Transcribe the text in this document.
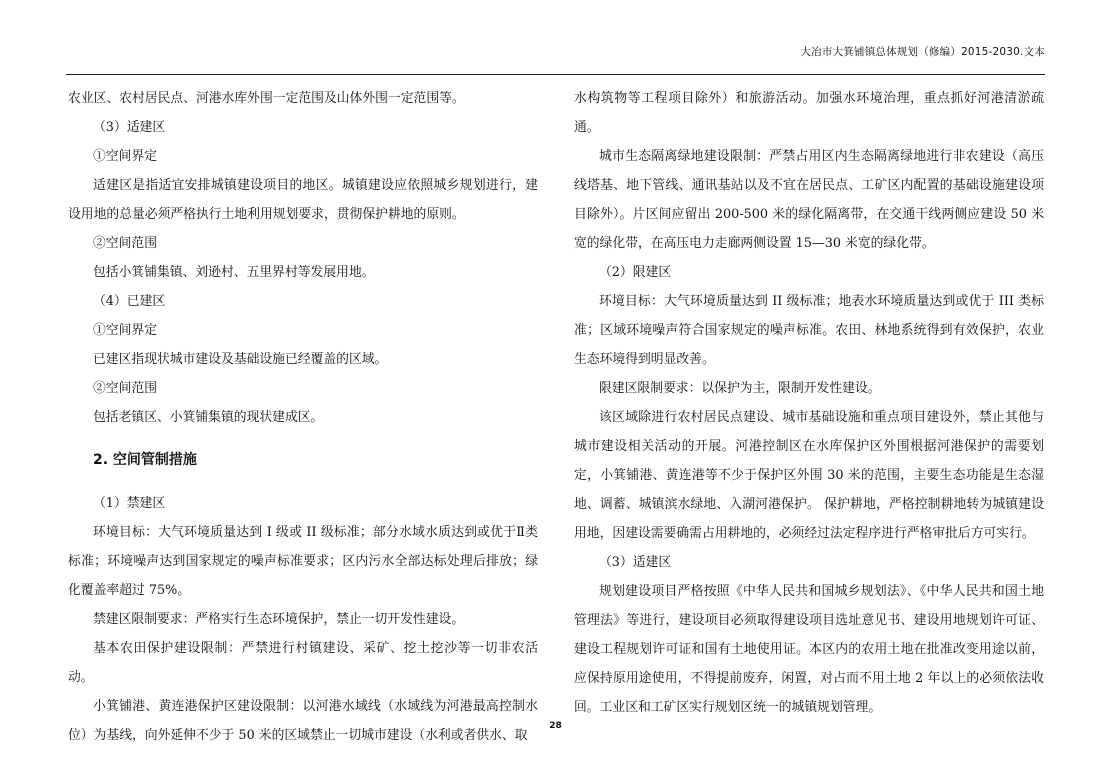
大冶市大箕铺镇总体规划（修编）2015-2030.文本

农业区、农村居民点、河港水库外围一定范围及山体外围一定范围等。

（3）适建区

①空间界定

适建区是指适宜安排城镇建设项目的地区。城镇建设应依照城乡规划进行，建设用地的总量必须严格执行土地利用规划要求，贯彻保护耕地的原则。

②空间范围

包括小箕铺集镇、刘逊村、五里界村等发展用地。

（4）已建区

①空间界定

已建区指现状城市建设及基础设施已经覆盖的区域。

②空间范围

包括老镇区、小箕铺集镇的现状建成区。

2. 空间管制措施

（1）禁建区

环境目标：大气环境质量达到 I 级或 II 级标准；部分水域水质达到或优于Ⅱ类标准；环境噪声达到国家规定的噪声标准要求；区内污水全部达标处理后排放；绿化覆盖率超过 75%。

禁建区限制要求：严格实行生态环境保护，禁止一切开发性建设。

基本农田保护建设限制：严禁进行村镇建设、采矿、挖土挖沙等一切非农活动。

小箕铺港、黄连港保护区建设限制：以河港水域线（水域线为河港最高控制水位）为基线，向外延伸不少于 50 米的区域禁止一切城市建设（水利或者供水、取

水构筑物等工程项目除外）和旅游活动。加强水环境治理，重点抓好河港清淤疏通。

城市生态隔离绿地建设限制：严禁占用区内生态隔离绿地进行非农建设（高压线塔基、地下管线、通讯基站以及不宜在居民点、工矿区内配置的基础设施建设项目除外）。片区间应留出 200-500 米的绿化隔离带，在交通干线两侧应建设 50 米宽的绿化带，在高压电力走廊两侧设置 15—30 米宽的绿化带。

（2）限建区

环境目标：大气环境质量达到 II 级标准；地表水环境质量达到或优于 III 类标准；区域环境噪声符合国家规定的噪声标准。农田、林地系统得到有效保护，农业生态环境得到明显改善。

限建区限制要求：以保护为主，限制开发性建设。

该区域除进行农村居民点建设、城市基础设施和重点项目建设外，禁止其他与城市建设相关活动的开展。河港控制区在水库保护区外围根据河港保护的需要划定，小箕铺港、黄连港等不少于保护区外围 30 米的范围，主要生态功能是生态湿地、调蓄、城镇滨水绿地、入湖河港保护。 保护耕地，严格控制耕地转为城镇建设用地，因建设需要确需占用耕地的，必须经过法定程序进行严格审批后方可实行。

（3）适建区

规划建设项目严格按照《中华人民共和国城乡规划法》、《中华人民共和国土地管理法》等进行，建设项目必须取得建设项目选址意见书、建设用地规划许可证、建设工程规划许可证和国有土地使用证。本区内的农用土地在批准改变用途以前，应保持原用途使用，不得提前废弃，闲置，对占而不用土地 2 年以上的必须依法收回。工业区和工矿区实行规划区统一的城镇规划管理。

28
